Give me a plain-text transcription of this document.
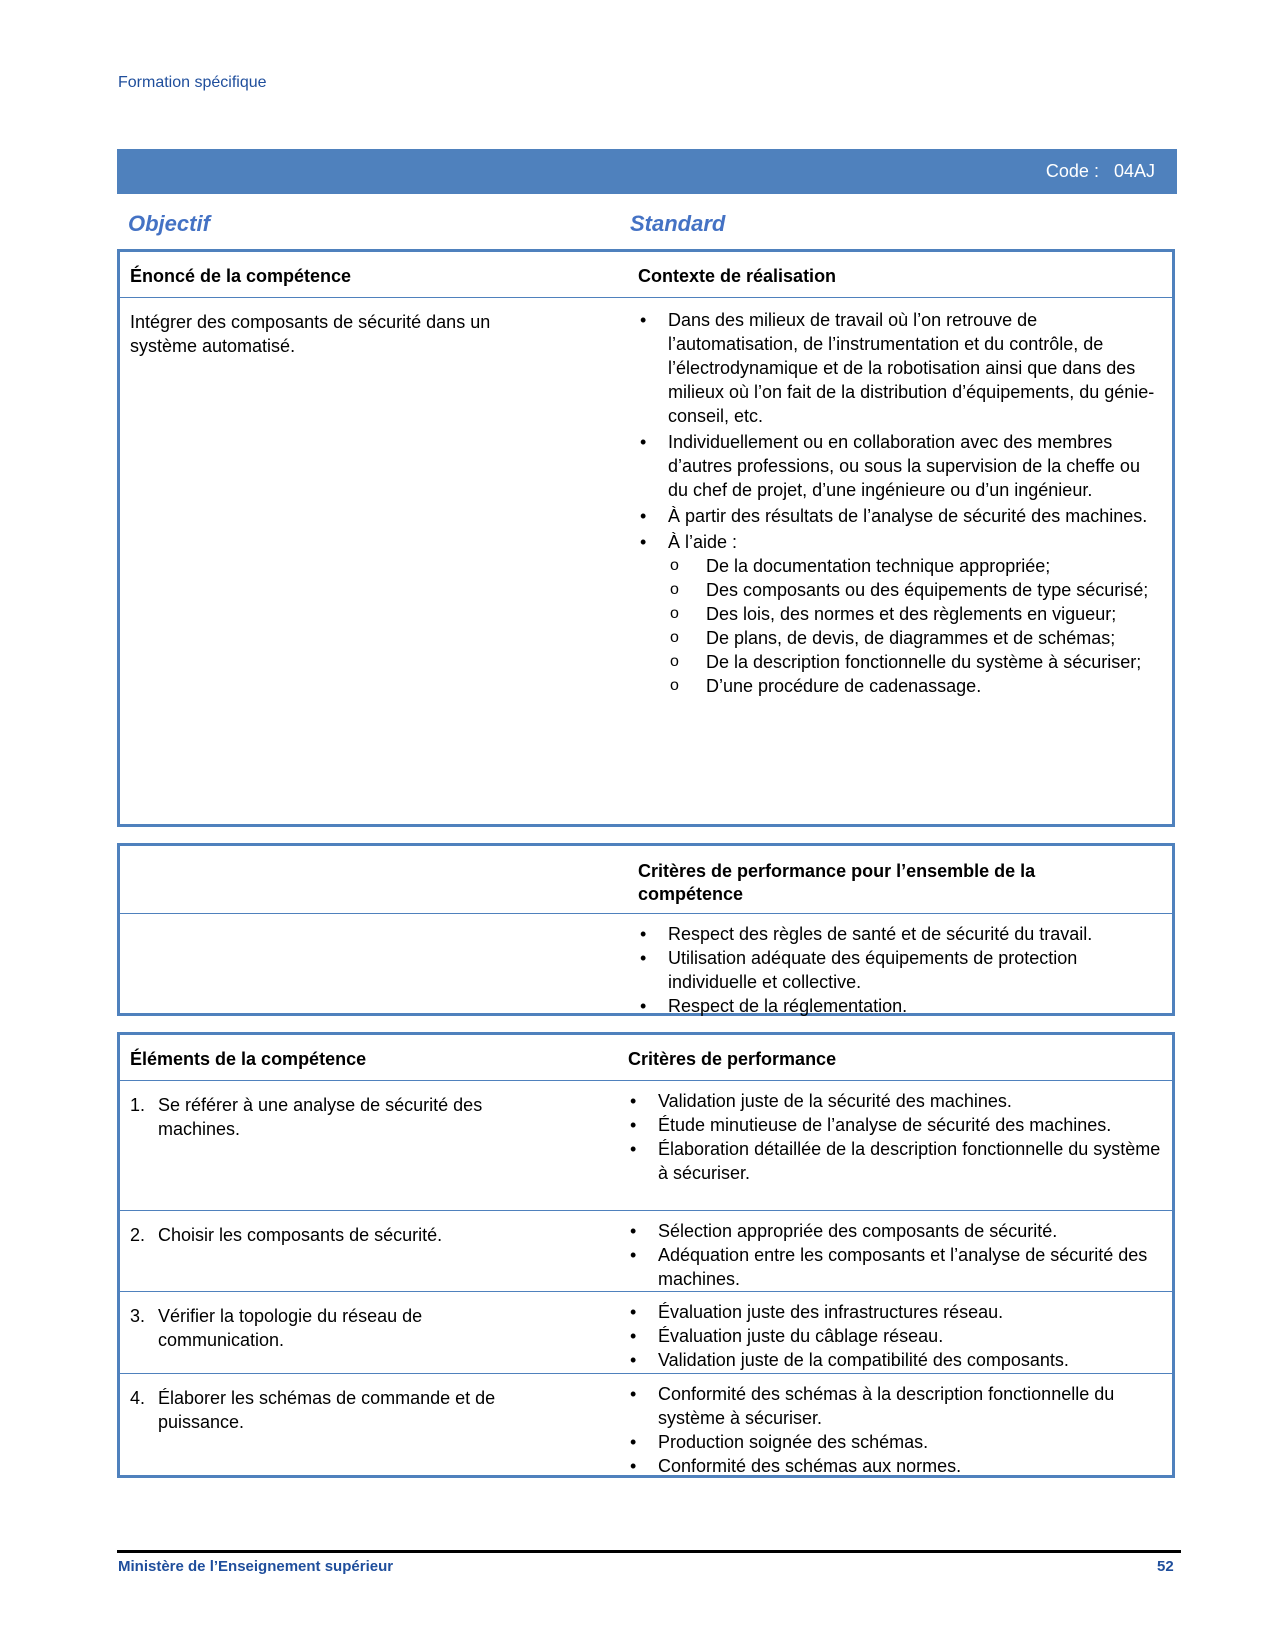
Formation spécifique
Code : 04AJ
Objectif	Standard
Énoncé de la compétence	Contexte de réalisation
Intégrer des composants de sécurité dans un système automatisé.
• Dans des milieux de travail où l’on retrouve de l’automatisation, de l’instrumentation et du contrôle, de l’électrodynamique et de la robotisation ainsi que dans des milieux où l’on fait de la distribution d’équipements, du génie-conseil, etc.
• Individuellement ou en collaboration avec des membres d’autres professions, ou sous la supervision de la cheffe ou du chef de projet, d’une ingénieure ou d’un ingénieur.
• À partir des résultats de l’analyse de sécurité des machines.
• À l’aide :
o De la documentation technique appropriée;
o Des composants ou des équipements de type sécurisé;
o Des lois, des normes et des règlements en vigueur;
o De plans, de devis, de diagrammes et de schémas;
o De la description fonctionnelle du système à sécuriser;
o D’une procédure de cadenassage.
Critères de performance pour l’ensemble de la compétence
• Respect des règles de santé et de sécurité du travail.
• Utilisation adéquate des équipements de protection individuelle et collective.
• Respect de la réglementation.
Éléments de la compétence	Critères de performance
1. Se référer à une analyse de sécurité des machines.
• Validation juste de la sécurité des machines.
• Étude minutieuse de l’analyse de sécurité des machines.
• Élaboration détaillée de la description fonctionnelle du système à sécuriser.
2. Choisir les composants de sécurité.
•	Sélection appropriée des composants de sécurité.
• Adéquation entre les composants et l’analyse de sécurité des machines.
3. Vérifier la topologie du réseau de communication.
• Évaluation juste des infrastructures réseau.
• Évaluation juste du câblage réseau.
• Validation juste de la compatibilité des composants.
4. Élaborer les schémas de commande et de puissance.
• Conformité des schémas à la description fonctionnelle du système à sécuriser.
• Production soignée des schémas.
• Conformité des schémas aux normes.
Ministère de l’Enseignement supérieur	52
